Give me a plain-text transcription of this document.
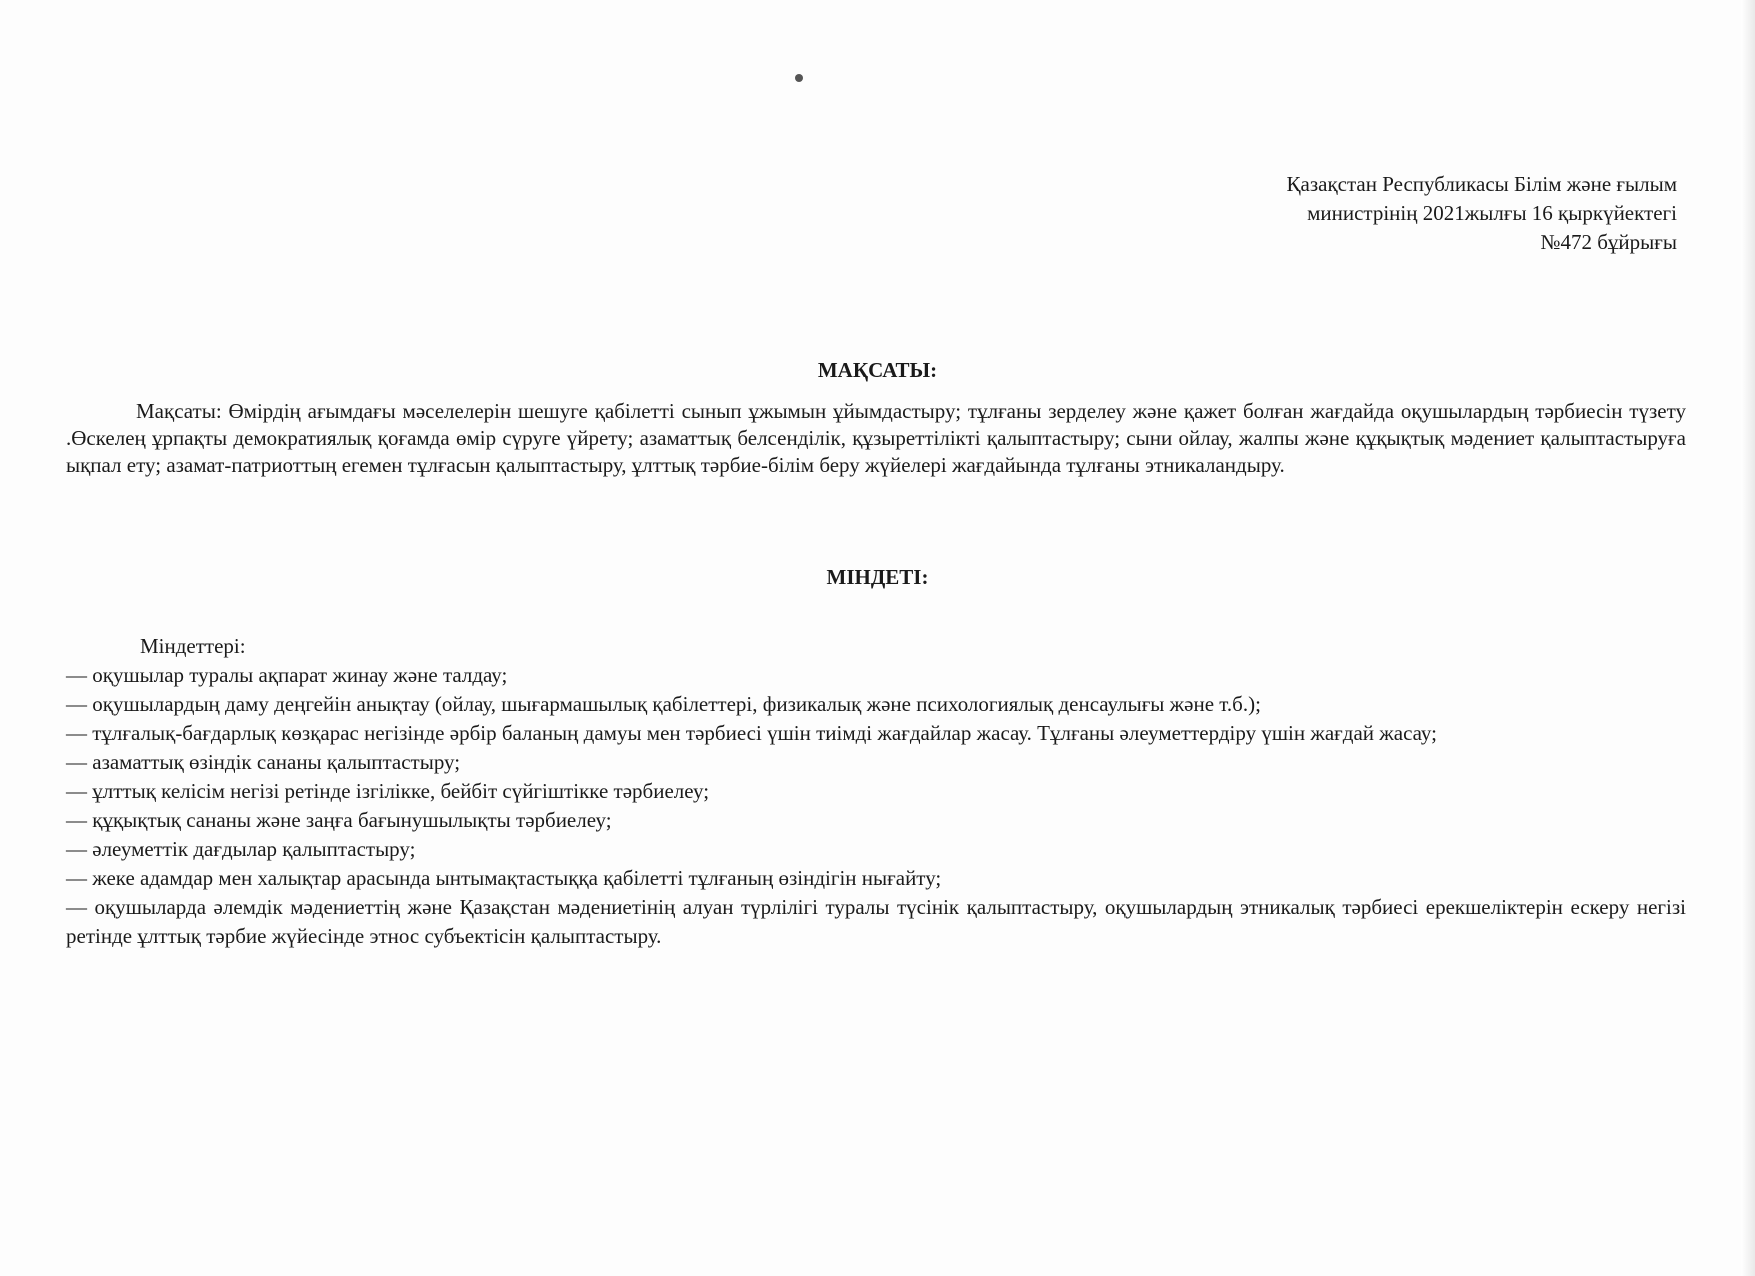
Қазақстан Республикасы Білім және ғылым
министрінің 2021жылғы 16 қыркүйектегі
№472 бұйрығы
МАҚСАТЫ:

Мақсаты: Өмірдің ағымдағы мәселелерін шешуге қабілетті сынып ұжымын ұйымдастыру; тұлғаны зерделеу және қажет болған жағдайда оқушылардың тәрбиесін түзету .Өскелең ұрпақты демократиялық қоғамда өмір сүруге үйрету; азаматтық белсенділік, құзыреттілікті қалыптастыру; сыни ойлау, жалпы және құқықтық мәдениет қалыптастыруға ықпал ету; азамат-патриоттың егемен тұлғасын қалыптастыру, ұлттық тәрбие-білім беру жүйелері жағдайында тұлғаны этникаландыру.

МІНДЕТІ:

Міндеттері:

— оқушылар туралы ақпарат жинау және талдау;
— оқушылардың даму деңгейін анықтау (ойлау, шығармашылық қабілеттері, физикалық және психологиялық денсаулығы және т.б.);
— тұлғалық-бағдарлық көзқарас негізінде әрбір баланың дамуы мен тәрбиесі үшін тиімді жағдайлар жасау. Тұлғаны әлеуметтердіру үшін жағдай жасау;
— азаматтық өзіндік сананы қалыптастыру;
— ұлттық келісім негізі ретінде ізгілікке, бейбіт сүйгіштікке тәрбиелеу;
— құқықтық сананы және заңға бағынушылықты тәрбиелеу;
— әлеуметтік дағдылар қалыптастыру;
— жеке адамдар мен халықтар арасында ынтымақтастыққа қабілетті тұлғаның өзіндігін нығайту;
— оқушыларда әлемдік мәдениеттің және Қазақстан мәдениетінің алуан түрлілігі туралы түсінік қалыптастыру, оқушылардың этникалық тәрбиесі ерекшеліктерін ескеру негізі ретінде ұлттық тәрбие жүйесінде этнос субъектісін қалыптастыру.
